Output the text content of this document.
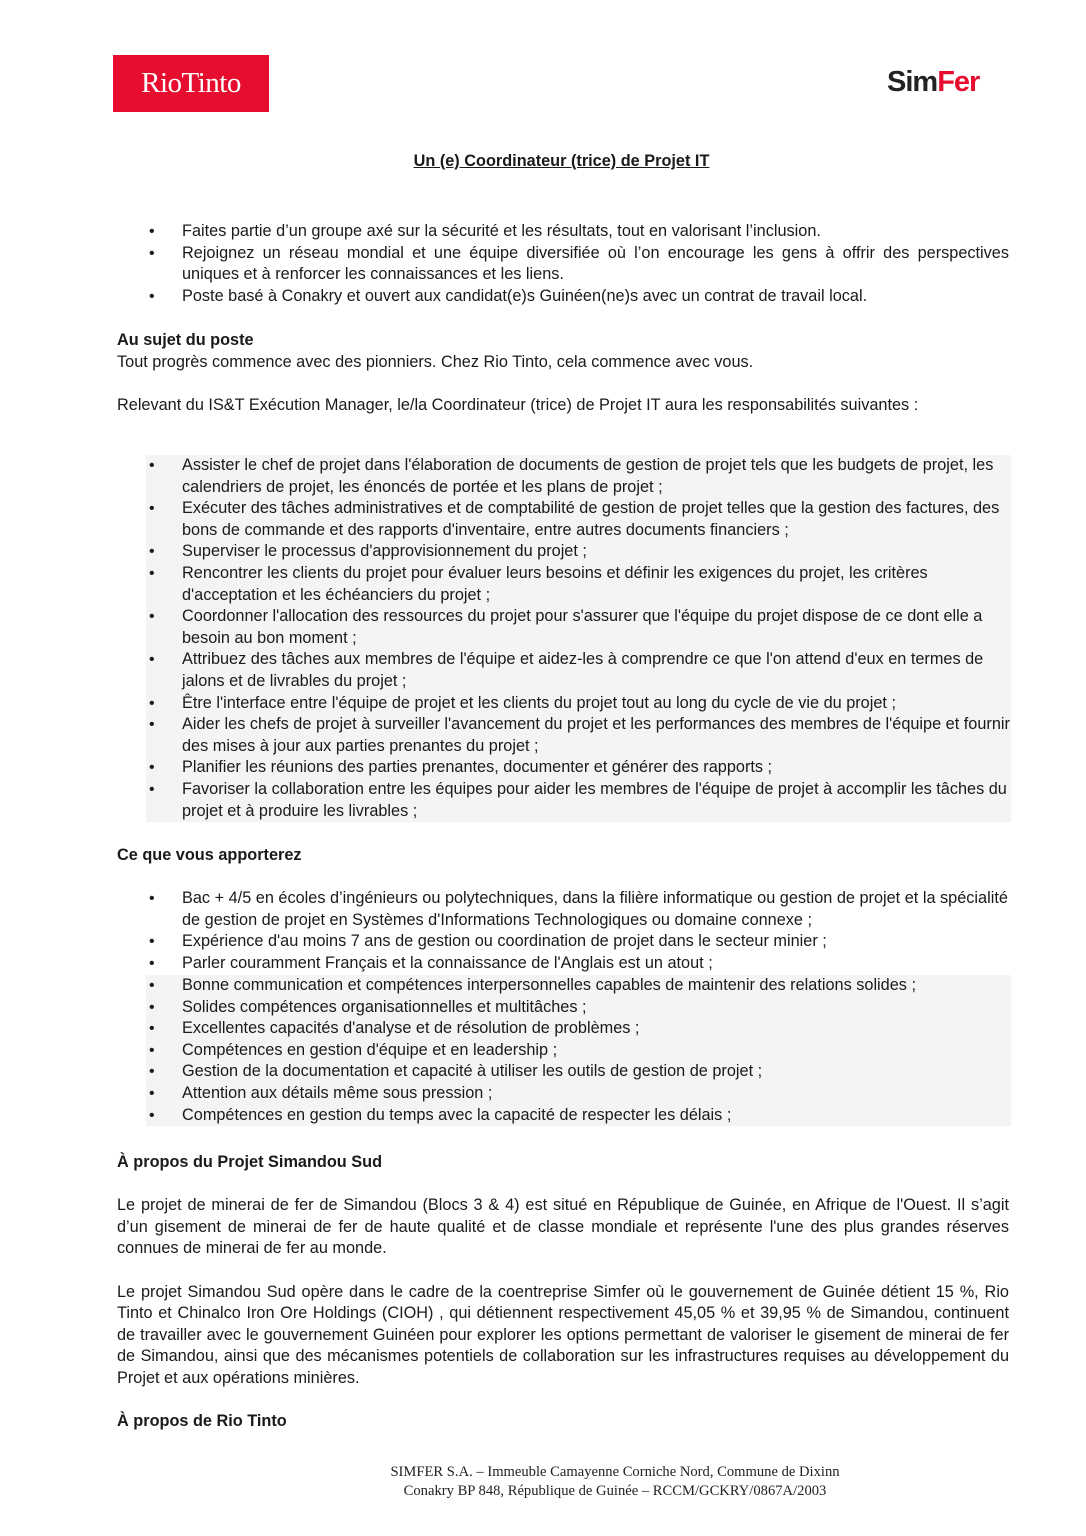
RioTinto	SimFer
Un (e) Coordinateur (trice) de Projet IT
• Faites partie d’un groupe axé sur la sécurité et les résultats, tout en valorisant l’inclusion.
• Rejoignez un réseau mondial et une équipe diversifiée où l’on encourage les gens à offrir des perspectives uniques et à renforcer les connaissances et les liens.
• Poste basé à Conakry et ouvert aux candidat(e)s Guinéen(ne)s avec un contrat de travail local.
Au sujet du poste
Tout progrès commence avec des pionniers. Chez Rio Tinto, cela commence avec vous.
Relevant du IS&T Exécution Manager, le/la Coordinateur (trice) de Projet IT aura les responsabilités suivantes :
• Assister le chef de projet dans l'élaboration de documents de gestion de projet tels que les budgets de projet, les calendriers de projet, les énoncés de portée et les plans de projet ;
• Exécuter des tâches administratives et de comptabilité de gestion de projet telles que la gestion des factures, des bons de commande et des rapports d'inventaire, entre autres documents financiers ;
• Superviser le processus d'approvisionnement du projet ;
• Rencontrer les clients du projet pour évaluer leurs besoins et définir les exigences du projet, les critères d'acceptation et les échéanciers du projet ;
• Coordonner l'allocation des ressources du projet pour s'assurer que l'équipe du projet dispose de ce dont elle a besoin au bon moment ;
• Attribuez des tâches aux membres de l'équipe et aidez-les à comprendre ce que l'on attend d'eux en termes de jalons et de livrables du projet ;
• Être l'interface entre l'équipe de projet et les clients du projet tout au long du cycle de vie du projet ;
• Aider les chefs de projet à surveiller l'avancement du projet et les performances des membres de l'équipe et fournir des mises à jour aux parties prenantes du projet ;
• Planifier les réunions des parties prenantes, documenter et générer des rapports ;
• Favoriser la collaboration entre les équipes pour aider les membres de l'équipe de projet à accomplir les tâches du projet et à produire les livrables ;
Ce que vous apporterez
• Bac + 4/5 en écoles d’ingénieurs ou polytechniques, dans la filière informatique ou gestion de projet et la spécialité de gestion de projet en Systèmes d'Informations Technologiques ou domaine connexe ;
• Expérience d'au moins 7 ans de gestion ou coordination de projet dans le secteur minier ;
• Parler couramment Français et la connaissance de l'Anglais est un atout ;
• Bonne communication et compétences interpersonnelles capables de maintenir des relations solides ;
• Solides compétences organisationnelles et multitâches ;
• Excellentes capacités d'analyse et de résolution de problèmes ;
• Compétences en gestion d'équipe et en leadership ;
• Gestion de la documentation et capacité à utiliser les outils de gestion de projet ;
• Attention aux détails même sous pression ;
• Compétences en gestion du temps avec la capacité de respecter les délais ;
À propos du Projet Simandou Sud
Le projet de minerai de fer de Simandou (Blocs 3 & 4) est situé en République de Guinée, en Afrique de l'Ouest. Il s’agit d’un gisement de minerai de fer de haute qualité et de classe mondiale et représente l'une des plus grandes réserves connues de minerai de fer au monde.
Le projet Simandou Sud opère dans le cadre de la coentreprise Simfer où le gouvernement de Guinée détient 15 %, Rio Tinto et Chinalco Iron Ore Holdings (CIOH) , qui détiennent respectivement 45,05 % et 39,95 % de Simandou, continuent de travailler avec le gouvernement Guinéen pour explorer les options permettant de valoriser le gisement de minerai de fer de Simandou, ainsi que des mécanismes potentiels de collaboration sur les infrastructures requises au développement du Projet et aux opérations minières.
À propos de Rio Tinto
SIMFER S.A. – Immeuble Camayenne Corniche Nord, Commune de Dixinn
Conakry BP 848, République de Guinée – RCCM/GCKRY/0867A/2003
